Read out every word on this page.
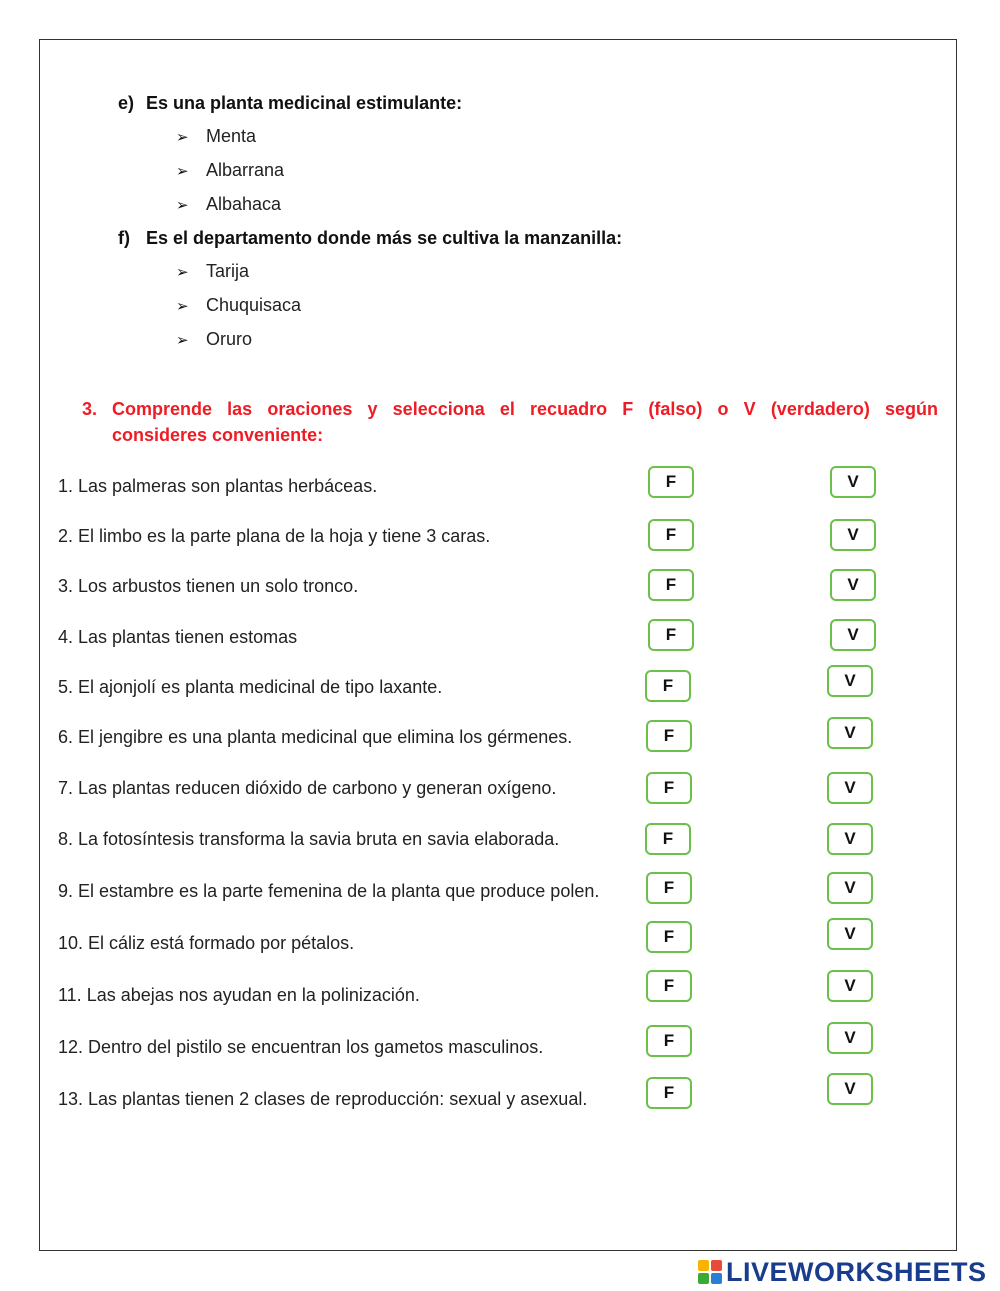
e) Es una planta medicinal estimulante:
➢ Menta
➢ Albarrana
➢ Albahaca
f) Es el departamento donde más se cultiva la manzanilla:
➢ Tarija
➢ Chuquisaca
➢ Oruro
3. Comprende las oraciones y selecciona el recuadro F (falso) o V (verdadero) según
consideres conveniente:
1. Las palmeras son plantas herbáceas.
2. El limbo es la parte plana de la hoja y tiene 3 caras.
3. Los arbustos tienen un solo tronco.
4. Las plantas tienen estomas
5. El ajonjolí es planta medicinal de tipo laxante.
6. El jengibre es una planta medicinal que elimina los gérmenes.
7. Las plantas reducen dióxido de carbono y generan oxígeno.
8. La fotosíntesis transforma la savia bruta en savia elaborada.
9. El estambre es la parte femenina de la planta que produce polen.
10. El cáliz está formado por pétalos.
11. Las abejas nos ayudan en la polinización.
12. Dentro del pistilo se encuentran los gametos masculinos.
13. Las plantas tienen 2 clases de reproducción: sexual y asexual.
F
F
F
F
F
F
F
F
F
F
F
F
F
V
V
V
V
V
V
V
V
V
V
V
V
V
LIVEWORKSHEETS
